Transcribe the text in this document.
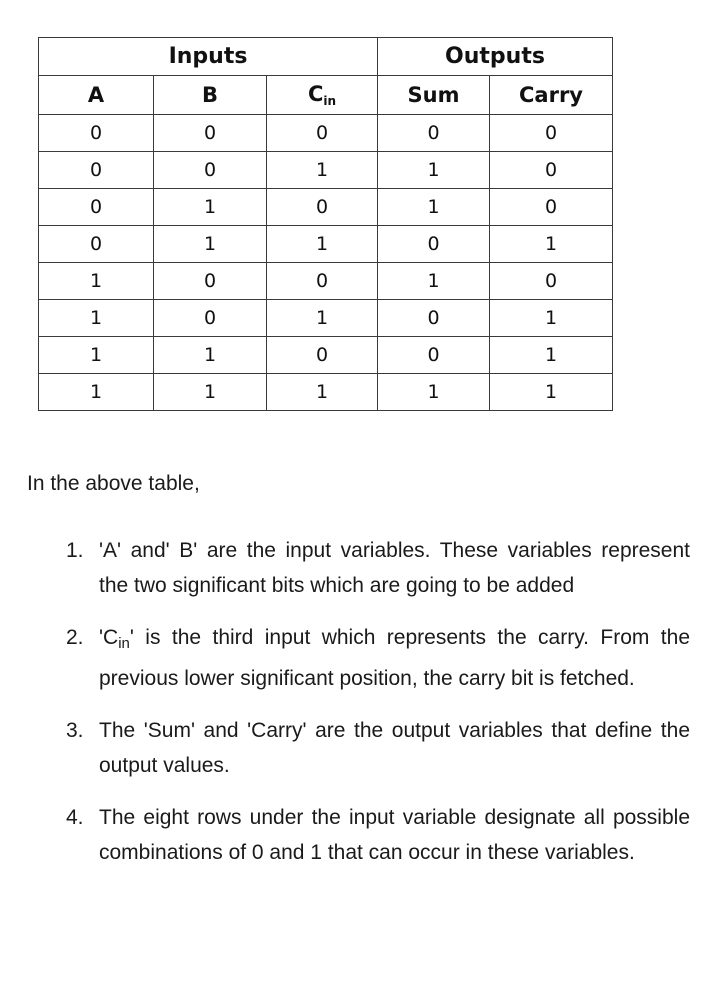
Inputs			Outputs	
A	B	$C_{in}$	Sum	Carry
0	0	0	0	0
0	0	1	1	0
0	1	0	1	0
0	1	1	0	1
1	0	0	1	0
1	0	1	0	1
1	1	0	0	1
1	1	1	1	1

In the above table,

1. 'A' and' B' are the input variables. These variables represent the two significant bits which are going to be added
2. '$C_{in}$' is the third input which represents the carry. From the previous lower significant position, the carry bit is fetched.
3. The 'Sum' and 'Carry' are the output variables that define the output values.
4. The eight rows under the input variable designate all possible combinations of 0 and 1 that can occur in these variables.
